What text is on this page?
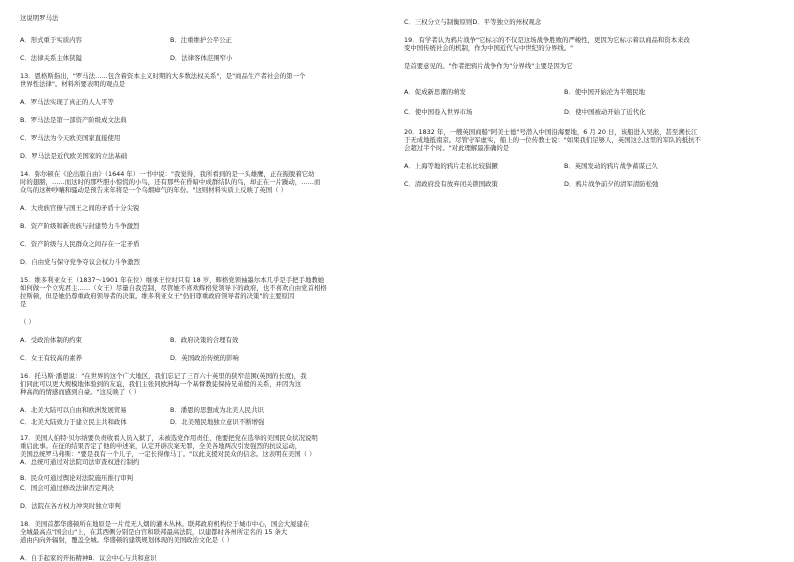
这说明罗马法
A．形式重于实质内容	B．注重维护公平公正
C．法律关系主体狭隘	D．法律客体范围窄小
13．恩格斯指出，"罗马法……包含着资本主义时期的大多数法权关系"，是"商品生产者社会的第一个
世界性法律"。材料所要表明的观点是
A．罗马法实现了真正的人人平等
B．罗马法是第一部资产阶级成文法典
C．罗马法为今天欧美国家直接使用
D．罗马法是近代欧美国家的立法基础
14．弥尔顿在《论出版自由》（1644 年）一书中说："我觉得，我所看到的是一头雄鹰，正在振脱着它幼
时的翅膀，……而这时的那些胆小惊慌的小鸟，还有那些在昏暗中成群结队的鸟，却正在一片躁动，……而
众鸟的这种吵嚷和骚动是预告来年将是一个乌烟瘴气的年份。"这则材料实质上反映了英国（ ）
A．大贵族官僚与国王之间的矛盾十分尖锐
B．资产阶级和新贵族与封建势力斗争激烈
C．资产阶级与人民群众之间存在一定矛盾
D．自由党与保守党争夺议会权力斗争激烈
15．维多利亚女王（1837～1901 年在位）继承王位时只有 18 岁，辉格党领袖墨尔本几乎是手把手地教她
如何做一个立宪君主……（女王）尽量自我克制，尽管她不喜欢辉格党领导下的政府，也不喜欢自由党首相格
拉斯顿，但是她仍尊重政府领导者的决策。维多利亚女王"仍旧尊重政府领导者的决策"的主要原因
是
（ ）
A．受政治体制的约束	B．政府决策的合理有效
C．女王有较高的素养	D．英国政治传统的影响
16．托马斯·潘恩说："在世界的这个广大地区，我们忘记了三百六十英里的狭窄范围(英国的长度)，我
们同此可以更大规模地体验到的友谊，我们主张同欧洲每一个基督教徒保持兄弟般的关系，并因为这
种高尚的情感而感到自豪。"这反映了（ ）
A．北美大陆可以自由和欧洲发展贸易	B．潘恩的思想成为北美人民共识
C．北美大陆致力于建立民主共和政体	D．北美殖民地独立意识不断增强
17．美国人伯特·贝尔纳要负责收看人员入狱了，未被选党作用责任，他要把党在选举的美国民众状况说明
重启此事。在征的结果否定了他的申述案，认定开辟次案无罪，全美各地两次引发强烈的抗议运动，
美国总统罗马弗斯："要是我有一个儿子，一定长得像马丁。"以此支援对民众的信念。这表明在美国（ ）
A．总统可通过对法院司法审查权进行制约
B．民众可通过舆论对法院施压推行审判
C．国会可通过修改法律否定判决
D．法院在各方权力冲突时独立审判
18．美国首都华盛顿所在地原是一片荒无人烟的灌木丛林。联邦政府机构位于城市中心，国会大厦建在
全城最高点"国会山"上，在其西侧分别是白宫和联邦最高法院，以建都时各州所定名的 15 条大
道由内向外辐射，覆盖全城。华盛顿的建筑规划体现的美国政治文化是（ ）
A．自手起家的开拓精神B．议会中心与共和意识
C．三权分立与制衡原则D．平等独立的州权观念
19．有学者认为鸦片战争"它标示的不仅是这场战争胜败的严峻性，更因为它标示着以商品和资本来改
变中国传统社会的机制，作为中国近代与中世纪的分界线。"
是首要意见的。"作者把鸦片战争作为"分界线"主要是因为它
A．促成新思潮的萌发	B．使中国开始沦为半殖民地
C．使中国卷入世界市场	D．使中国被动开始了近代化
20．1832 年，一艘英国商船"阿美士德"号潜入中国沿海要地，6 月 20 日，该船进入吴淞，甚至溯长江
于无成地抵南京。尽管守军虚实，船上的一位传教士说："如果我们足够人，英国这么这里的军队的抵抗不
会超过半个时。"对此理解最准确的是
A．上海等地的鸦片走私比较猖獗	B．英国发动的鸦片战争蓄谋已久
C．清政府没有放弃闭关锁国政策	D．鸦片战争前夕的清军清防松弛
